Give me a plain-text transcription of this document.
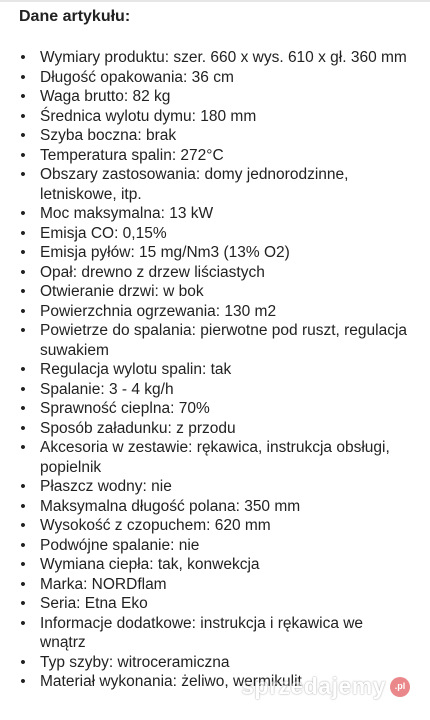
Dane artykułu:
• Wymiary produktu: szer. 660 x wys. 610 x gł. 360 mm
• Długość opakowania: 36 cm
• Waga brutto: 82 kg
• Średnica wylotu dymu: 180 mm
• Szyba boczna: brak
• Temperatura spalin: 272°C
• Obszary zastosowania: domy jednorodzinne, letniskowe, itp.
• Moc maksymalna: 13 kW
• Emisja CO: 0,15%
• Emisja pyłów: 15 mg/Nm3 (13% O2)
• Opał: drewno z drzew liściastych
• Otwieranie drzwi: w bok
• Powierzchnia ogrzewania: 130 m2
• Powietrze do spalania: pierwotne pod ruszt, regulacja suwakiem
• Regulacja wylotu spalin: tak
• Spalanie: 3 - 4 kg/h
• Sprawność cieplna: 70%
• Sposób załadunku: z przodu
• Akcesoria w zestawie: rękawica, instrukcja obsługi, popielnik
• Płaszcz wodny: nie
• Maksymalna długość polana: 350 mm
• Wysokość z czopuchem: 620 mm
• Podwójne spalanie: nie
• Wymiana ciepła: tak, konwekcja
• Marka: NORDflam
• Seria: Etna Eko
• Informacje dodatkowe: instrukcja i rękawica we wnątrz
• Typ szyby: witroceramiczna
• Materiał wykonania: żeliwo, wermikulit
sprzedajemy .pl
